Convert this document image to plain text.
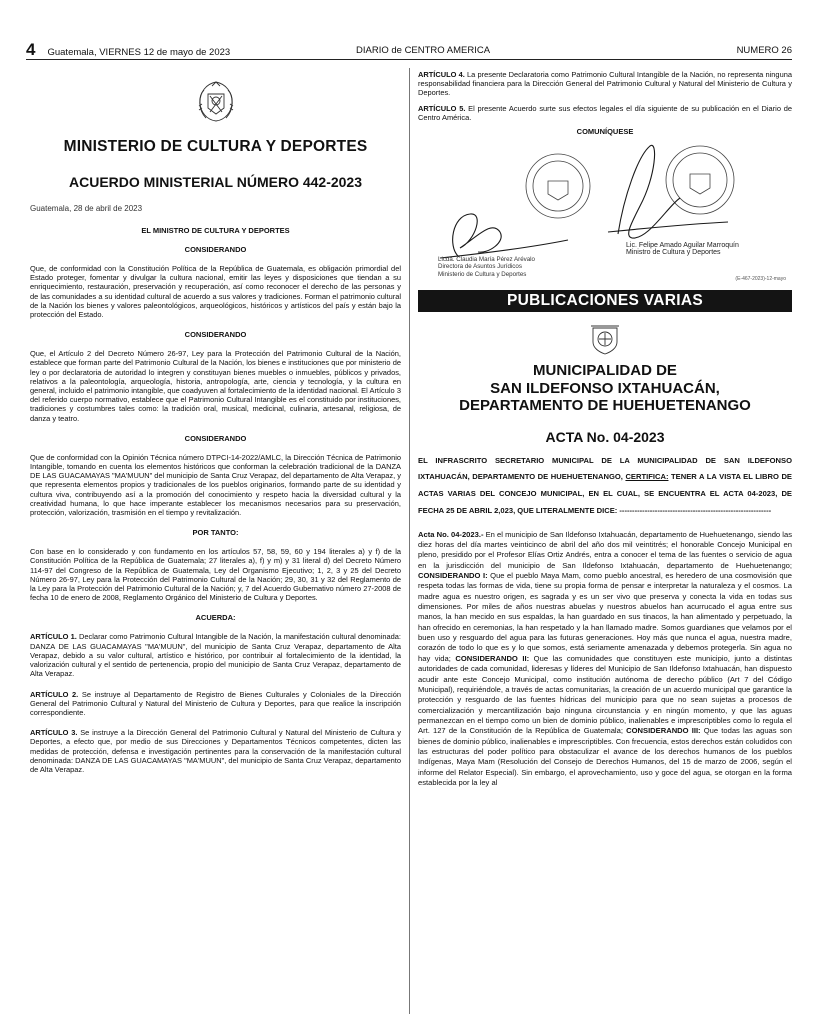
4 Guatemala, VIERNES 12 de mayo de 2023	DIARIO de CENTRO AMERICA	NUMERO 26
MINISTERIO DE CULTURA Y DEPORTES
ACUERDO MINISTERIAL NÚMERO 442-2023
Guatemala, 28 de abril de 2023
EL MINISTRO DE CULTURA Y DEPORTES
CONSIDERANDO

Que, de conformidad con la Constitución Política de la República de Guatemala, es obligación primordial del Estado proteger, fomentar y divulgar la cultura nacional, emitir las leyes y disposiciones que tiendan a su enriquecimiento, restauración, preservación y recuperación, así como reconocer el derecho de las personas y de las comunidades a su identidad cultural de acuerdo a sus valores y tradiciones. Forman el patrimonio cultural de la Nación los bienes y valores paleontológicos, arqueológicos, históricos y artísticos del país y están bajo la protección del Estado.

CONSIDERANDO

Que, el Artículo 2 del Decreto Número 26-97, Ley para la Protección del Patrimonio Cultural de la Nación, establece que forman parte del Patrimonio Cultural de la Nación, los bienes e instituciones que por ministerio de ley o por declaratoria de autoridad lo integren y constituyan bienes muebles o inmuebles, públicos y privados, relativos a la paleontología, arqueología, historia, antropología, arte, ciencia y tecnología, y la cultura en general, incluido el patrimonio intangible, que coadyuven al fortalecimiento de la identidad nacional. El Artículo 3 del referido cuerpo normativo, establece que el Patrimonio Cultural Intangible es el constituido por instituciones, tradiciones y costumbres tales como: la tradición oral, musical, medicinal, culinaria, artesanal, religiosa, de danza y teatro.

CONSIDERANDO

Que de conformidad con la Opinión Técnica número DTPCI-14-2022/AMLC, la Dirección Técnica de Patrimonio Intangible, tomando en cuenta los elementos históricos que conforman la celebración tradicional de la DANZA DE LAS GUACAMAYAS "MA'MUUN" del municipio de Santa Cruz Verapaz, del departamento de Alta Verapaz, y que representa elementos propios y tradicionales de los pueblos originarios, formando parte de su identidad y cultura viva, contribuyendo así a la promoción del conocimiento y respeto hacia la diversidad cultural y la creatividad humana, lo que hace imperante establecer los mecanismos necesarios para su preservación, protección, valorización, trasmisión en el tiempo y revitalización.

POR TANTO:

Con base en lo considerado y con fundamento en los artículos 57, 58, 59, 60 y 194 literales a) y f) de la Constitución Política de la República de Guatemala; 27 literales a), f) y m) y 31 literal d) del Decreto Número 114-97 del Congreso de la República de Guatemala, Ley del Organismo Ejecutivo; 1, 2, 3 y 25 del Decreto Número 26-97, Ley para la Protección del Patrimonio Cultural de la Nación; 29, 30, 31 y 32 del Reglamento de la Ley para la Protección del Patrimonio Cultural de la Nación; y, 7 del Acuerdo Gubernativo número 27-2008 de fecha 10 de enero de 2008, Reglamento Orgánico del Ministerio de Cultura y Deportes.

ACUERDA:

ARTÍCULO 1. Declarar como Patrimonio Cultural Intangible de la Nación, la manifestación cultural denominada: DANZA DE LAS GUACAMAYAS "MA'MUUN", del municipio de Santa Cruz Verapaz, departamento de Alta Verapaz, debido a su valor cultural, artístico e histórico, por contribuir al fortalecimiento de la identidad, la valorización cultural y el sentido de pertenencia, propio del municipio de Santa Cruz Verapaz, departamento de Alta Verapaz.

ARTÍCULO 2. Se instruye al Departamento de Registro de Bienes Culturales y Coloniales de la Dirección General del Patrimonio Cultural y Natural del Ministerio de Cultura y Deportes, para que realice la inscripción correspondiente.

ARTÍCULO 3. Se instruye a la Dirección General del Patrimonio Cultural y Natural del Ministerio de Cultura y Deportes, a efecto que, por medio de sus Direcciones y Departamentos Técnicos competentes, dicten las medidas de protección, defensa e investigación pertinentes para la conservación de la manifestación cultural denominada: DANZA DE LAS GUACAMAYAS "MA'MUUN", del municipio de Santa Cruz Verapaz, departamento de Alta Verapaz.

ARTÍCULO 4. La presente Declaratoria como Patrimonio Cultural Intangible de la Nación, no representa ninguna responsabilidad financiera para la Dirección General del Patrimonio Cultural y Natural del Ministerio de Cultura y Deportes.

ARTÍCULO 5. El presente Acuerdo surte sus efectos legales el día siguiente de su publicación en el Diario de Centro América.

COMUNÍQUESE
Licda. Claudia María Pérez Arévalo
Directora de Asuntos Jurídicos
Ministerio de Cultura y Deportes
Lic. Felipe Amado Aguilar Marroquín
Ministro de Cultura y Deportes
(E-467-2023)-12-mayo
PUBLICACIONES VARIAS
MUNICIPALIDAD DE
SAN ILDEFONSO IXTAHUACÁN,
DEPARTAMENTO DE HUEHUETENANGO
ACTA No. 04-2023

EL INFRASCRITO SECRETARIO MUNICIPAL DE LA MUNICIPALIDAD DE SAN ILDEFONSO IXTAHUACÁN, DEPARTAMENTO DE HUEHUETENANGO, CERTIFICA: TENER A LA VISTA EL LIBRO DE ACTAS VARIAS DEL CONCEJO MUNICIPAL, EN EL CUAL, SE ENCUENTRA EL ACTA 04-2023, DE FECHA 25 DE ABRIL 2,023, QUE LITERALMENTE DICE: ------------------------------------------------------------

Acta No. 04-2023.- En el municipio de San Ildefonso Ixtahuacán, departamento de Huehuetenango, siendo las diez horas del día martes veinticinco de abril del año dos mil veintitrés; el honorable Concejo Municipal en pleno, presidido por el Profesor Elías Ortiz Andrés, entra a conocer el tema de las fuentes o servicio de agua en la jurisdicción del municipio de San Ildefonso Ixtahuacán, departamento de Huehuetenango; CONSIDERANDO I: Que el pueblo Maya Mam, como pueblo ancestral, es heredero de una cosmovisión que respeta todas las formas de vida, tiene su propia forma de pensar e interpretar la naturaleza y el cosmos. La madre agua es nuestro origen, es sagrada y es un ser vivo que preserva y conecta la vida en todas sus dimensiones. Por miles de años nuestras abuelas y nuestros abuelos han acurrucado el agua entre sus manos, la han mecido en sus espaldas, la han guardado en sus tinacos, la han alimentado y perpetuado, la han ofrecido en ceremonias, la han respetado y la han llamado madre. Somos guardianes que velamos por el buen uso y resguardo del agua para las futuras generaciones. Hoy más que nunca el agua, nuestra madre, corazón de todo lo que es y lo que somos, está seriamente amenazada y debemos protegerla. Sin agua no hay vida; CONSIDERANDO II: Que las comunidades que constituyen este municipio, junto a distintas autoridades de cada comunidad, lideresas y líderes del Municipio de San Ildefonso Ixtahuacán, han dispuesto acudir ante este Concejo Municipal, como institución autónoma de derecho público (Art 7 del Código Municipal), requiriéndole, a través de actas comunitarias, la creación de un acuerdo municipal que garantice la protección y resguardo de las fuentes hídricas del municipio para que no sean sujetas a procesos de comercialización y mercantilización bajo ninguna circunstancia y en ningún momento, y que las aguas permanezcan en el tiempo como un bien de dominio público, inalienables e imprescriptibles como lo regula el Art. 127 de la Constitución de la República de Guatemala; CONSIDERANDO III: Que todas las aguas son bienes de dominio público, inalienables e imprescriptibles. Con frecuencia, estos derechos están coludidos con las estructuras del poder político para obstaculizar el avance de los derechos humanos de los pueblos Indígenas, Maya Mam (Resolución del Consejo de Derechos Humanos, del 15 de marzo de 2006, según el informe del Relator Especial). Sin embargo, el aprovechamiento, uso y goce del agua, se otorgan en la forma establecida por la ley al
